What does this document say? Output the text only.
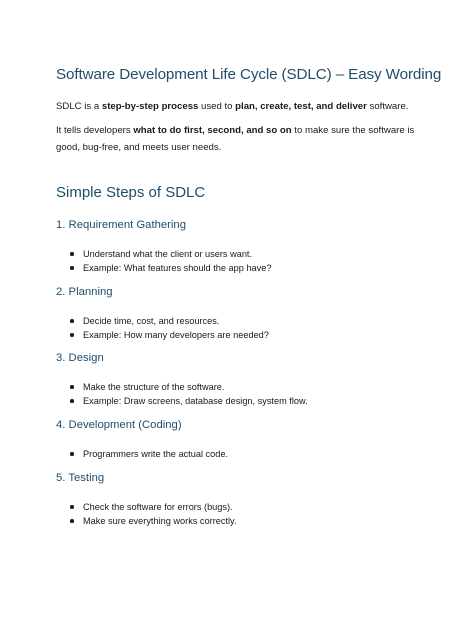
Software Development Life Cycle (SDLC) – Easy Wording

SDLC is a step-by-step process used to plan, create, test, and deliver software.

It tells developers what to do first, second, and so on to make sure the software is good, bug-free, and meets user needs.

Simple Steps of SDLC
1. Requirement Gathering
Understand what the client or users want.
Example: What features should the app have?
2. Planning
Decide time, cost, and resources.
Example: How many developers are needed?
3. Design
Make the structure of the software.
Example: Draw screens, database design, system flow.
4. Development (Coding)
Programmers write the actual code.
5. Testing
Check the software for errors (bugs).
Make sure everything works correctly.
